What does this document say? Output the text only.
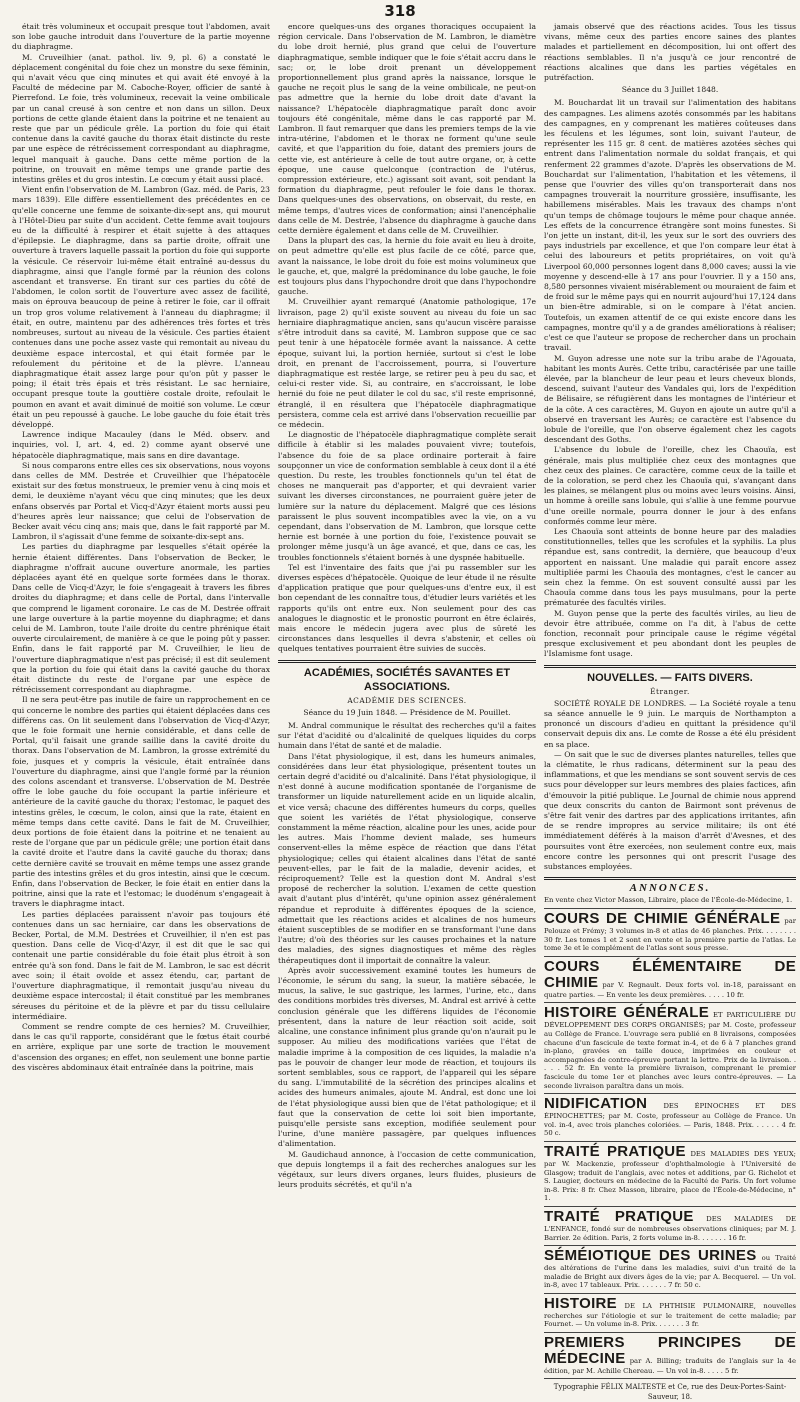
318

était très volumineux et occupait presque tout l'abdomen, avait son lobe gauche introduit dans l'ouverture de la partie moyenne du diaphragme.

M. Cruveilhier (anat. pathol. liv. 9, pl. 6) a constaté le déplacement congénital du foie chez un monstre du sexe féminin, qui n'avait vécu que cinq minutes et qui avait été envoyé à la Faculté de médecine par M. Caboche-Royer, officier de santé à Pierrefond. Le foie, très volumineux, recevait la veine ombilicale par un canal creusé à son centre et non dans un sillon. Deux portions de cette glande étaient dans la poitrine et ne tenaient au reste que par un pédicule grêle. La portion du foie qui était contenue dans la cavité gauche du thorax était distincte du reste par une espèce de rétrécissement correspondant au diaphragme, lequel manquait à gauche. Dans cette même portion de la poitrine, on trouvait en même temps une grande partie des intestins grêles et du gros intestin. Le cœcum y était aussi placé.

Vient enfin l'observation de M. Lambron (Gaz. méd. de Paris, 23 mars 1839). Elle diffère essentiellement des précédentes en ce qu'elle concerne une femme de soixante-dix-sept ans, qui mourut à l'Hôtel-Dieu par suite d'un accident. Cette femme avait toujours eu de la difficulté à respirer et était sujette à des attaques d'épilepsie. Le diaphragme, dans sa partie droite, offrait une ouverture à travers laquelle passait la portion du foie qui supporte la vésicule. Ce réservoir lui-même était entraîné au-dessus du diaphragme, ainsi que l'angle formé par la réunion des colons ascendant et transverse. En tirant sur ces parties du côté de l'abdomen, le colon sortit de l'ouverture avec assez de facilité, mais on éprouva beaucoup de peine à retirer le foie, car il offrait un trop gros volume relativement à l'anneau du diaphragme; il était, en outre, maintenu par des adhérences très fortes et très nombreuses, surtout au niveau de la vésicule. Ces parties étaient contenues dans une poche assez vaste qui remontait au niveau du deuxième espace intercostal, et qui était formée par le refoulement du péritoine et de la plèvre. L'anneau diaphragmatique était assez large pour qu'on pût y passer le poing; il était très épais et très résistant. Le sac herniaire, occupant presque toute la gouttière costale droite, refoulait le poumon en avant et avait diminué de moitié son volume. Le cœur était un peu repoussé à gauche. Le lobe gauche du foie était très développé.

Lawrence indique Macauley (dans le Méd. observ. and inquiries, vol. I, art. 4, ed. 2) comme ayant observé une hépatocèle diaphragmatique, mais sans en dire davantage.

Si nous comparons entre elles ces six observations, nous voyons dans celles de MM. Destrée et Cruveilhier que l'hépatocèle existait sur des fœtus monstrueux, le premier venu à cinq mois et demi, le deuxième n'ayant vécu que cinq minutes; que les deux enfans observés par Portal et Vicq-d'Azyr étaient morts aussi peu d'heures après leur naissance; que celui de l'observation de Becker avait vécu cinq ans; mais que, dans le fait rapporté par M. Lambron, il s'agissait d'une femme de soixante-dix-sept ans.

Les parties du diaphragme par lesquelles s'était opérée la hernie étaient différentes. Dans l'observation de Becker, le diaphragme n'offrait aucune ouverture anormale, les parties déplacées ayant été en quelque sorte formées dans le thorax. Dans celle de Vicq-d'Azyr, le foie s'engageait à travers les fibres droites du diaphragme; et dans celle de Portal, dans l'intervalle que comprend le ligament coronaire. Le cas de M. Destrée offrait une large ouverture à la partie moyenne du diaphragme; et dans celui de M. Lambron, toute l'aile droite du centre phrénique était ouverte circulairement, de manière à ce que le poing pût y passer. Enfin, dans le fait rapporté par M. Cruveilhier, le lieu de l'ouverture diaphragmatique n'est pas précisé; il est dit seulement que la portion du foie qui était dans la cavité gauche du thorax était distincte du reste de l'organe par une espèce de rétrécissement correspondant au diaphragme.

Il ne sera peut-être pas inutile de faire un rapprochement en ce qui concerne le nombre des parties qui étaient déplacées dans ces différens cas. On lit seulement dans l'observation de Vicq-d'Azyr, que le foie formait une hernie considérable, et dans celle de Portal, qu'il faisait une grande saillie dans la cavité droite du thorax. Dans l'observation de M. Lambron, la grosse extrémité du foie, jusques et y compris la vésicule, était entraînée dans l'ouverture du diaphragme, ainsi que l'angle formé par la réunion des colons ascendant et transverse. L'observation de M. Destrée offre le lobe gauche du foie occupant la partie inférieure et antérieure de la cavité gauche du thorax; l'estomac, le paquet des intestins grêles, le cœcum, le colon, ainsi que la rate, étaient en même temps dans cette cavité. Dans le fait de M. Cruveilhier, deux portions de foie étaient dans la poitrine et ne tenaient au reste de l'organe que par un pédicule grêle; une portion était dans la cavité droite et l'autre dans la cavité gauche du thorax; dans cette dernière cavité se trouvait en même temps une assez grande partie des intestins grêles et du gros intestin, ainsi que le cœcum. Enfin, dans l'observation de Becker, le foie était en entier dans la poitrine, ainsi que la rate et l'estomac; le duodénum s'engageait à travers le diaphragme intact.

Les parties déplacées paraissent n'avoir pas toujours été contenues dans un sac herniaire, car dans les observations de Becker, Portal, de M.M. Destrées et Cruveilhier, il n'en est pas question. Dans celle de Vicq-d'Azyr, il est dit que le sac qui contenait une partie considérable du foie était plus étroit à son entrée qu'à son fond. Dans le fait de M. Lambron, le sac est décrit avec soin; il était ovoïde et assez étendu, car, partant de l'ouverture diaphragmatique, il remontait jusqu'au niveau du deuxième espace intercostal; il était constitué par les membranes séreuses du péritoine et de la plèvre et par du tissu cellulaire intermédiaire.

Comment se rendre compte de ces hernies? M. Cruveilhier, dans le cas qu'il rapporte, considérant que le fœtus était courbé en arrière, explique par une sorte de traction le mouvement d'ascension des organes; en effet, non seulement une bonne partie des viscères abdominaux était entraînée dans la poitrine, mais

encore quelques-uns des organes thoraciques occupaient la région cervicale. Dans l'observation de M. Lambron, le diamètre du lobe droit hernié, plus grand que celui de l'ouverture diaphragmatique, semble indiquer que le foie s'était accru dans le sac; or, le lobe droit prenant un développement proportionnellement plus grand après la naissance, lorsque le gauche ne reçoit plus le sang de la veine ombilicale, ne peut-on pas admettre que la hernie du lobe droit date d'avant la naissance? L'hépatocèle diaphragmatique paraît donc avoir toujours été congénitale, même dans le cas rapporté par M. Lambron. Il faut remarquer que dans les premiers temps de la vie intra-utérine, l'abdomen et le thorax ne forment qu'une seule cavité, et que l'apparition du foie, datant des premiers jours de cette vie, est antérieure à celle de tout autre organe, or, à cette époque, une cause quelconque (contraction de l'utérus, compression extérieure, etc.) agissant soit avant, soit pendant la formation du diaphragme, peut refouler le foie dans le thorax. Dans quelques-unes des observations, on observait, du reste, en même temps, d'autres vices de conformation; ainsi l'anencéphalie dans celle de M. Destrée, l'absence du diaphragme à gauche dans cette dernière également et dans celle de M. Cruveilhier.

Dans la plupart des cas, la hernie du foie avait eu lieu à droite, on peut admettre qu'elle est plus facile de ce côté, parce que, avant la naissance, le lobe droit du foie est moins volumineux que le gauche, et, que, malgré la prédominance du lobe gauche, le foie est toujours plus dans l'hypochondre droit que dans l'hypochondre gauche.

M. Cruveilhier ayant remarqué (Anatomie pathologique, 17e livraison, page 2) qu'il existe souvent au niveau du foie un sac herniaire diaphragmatique ancien, sans qu'aucun viscère paraisse s'être introduit dans sa cavité, M. Lambron suppose que ce sac peut tenir à une hépatocèle formée avant la naissance. A cette époque, suivant lui, la portion herniée, surtout si c'est le lobe droit, en prenant de l'accroissement, pourra, si l'ouverture diaphragmatique est restée large, se retirer peu à peu du sac, et celui-ci rester vide. Si, au contraire, en s'accroissant, le lobe hernié du foie ne peut dilater le col du sac, s'il reste emprisonné, étranglé, il en résultera que l'hépatocèle diaphragmatique persistera, comme cela est arrivé dans l'observation recueillie par ce médecin.

Le diagnostic de l'hépatocèle diaphragmatique complète serait difficile à établir si les malades pouvaient vivre; toutefois, l'absence du foie de sa place ordinaire porterait à faire soupçonner un vice de conformation semblable à ceux dont il a été question. Du reste, les troubles fonctionnels qu'un tel état de choses ne manquerait pas d'apporter, et qui devraient varier suivant les diverses circonstances, ne pourraient guère jeter de lumière sur la nature du déplacement. Malgré que ces lésions paraissent le plus souvent incompatibles avec la vie, on a vu cependant, dans l'observation de M. Lambron, que lorsque cette hernie est bornée à une portion du foie, l'existence pouvait se prolonger même jusqu'à un âge avancé, et que, dans ce cas, les troubles fonctionnels s'étaient bornés à une dyspnée habituelle.

Tel est l'inventaire des faits que j'ai pu rassembler sur les diverses espèces d'hépatocèle. Quoique de leur étude il ne résulte d'application pratique que pour quelques-uns d'entre eux, il est bon cependant de les connaître tous, d'étudier leurs variétés et les rapports qu'ils ont entre eux. Non seulement pour des cas analogues le diagnostic et le pronostic pourront en être éclairés, mais encore le médecin jugera avec plus de sûreté les circonstances dans lesquelles il devra s'abstenir, et celles où quelques tentatives pourraient être suivies de succès.

ACADÉMIES, SOCIÉTÉS SAVANTES ET ASSOCIATIONS.
ACADÉMIE DES SCIENCES.
Séance du 19 Juin 1848. — Présidence de M. Pouillet.

M. Andral communique le résultat des recherches qu'il a faites sur l'état d'acidité ou d'alcalinité de quelques liquides du corps humain dans l'état de santé et de maladie.

Dans l'état physiologique, il est, dans les humeurs animales, considérées dans leur état physiologique, présentent toutes un certain degré d'acidité ou d'alcalinité. Dans l'état physiologique, il n'est donné à aucune modification spontanée de l'organisme de transformer un liquide naturellement acide en un liquide alcalin, et vice versâ; chacune des différentes humeurs du corps, quelles que soient les variétés de l'état physiologique, conserve constamment la même réaction, alcaline pour les unes, acide pour les autres. Mais l'homme devient malade, ses humeurs conservent-elles la même espèce de réaction que dans l'état physiologique; celles qui étaient alcalines dans l'état de santé peuvent-elles, par le fait de la maladie, devenir acides, et réciproquement? Telle est la question dont M. Andral s'est proposé de rechercher la solution. L'examen de cette question avait d'autant plus d'intérêt, qu'une opinion assez généralement répandue et reproduite à différentes époques de la science, admettait que les réactions acides et alcalines de nos humeurs étaient susceptibles de se modifier en se transformant l'une dans l'autre; d'où des théories sur les causes prochaines et la nature des maladies, des signes diagnostiques et même des règles thérapeutiques dont il importait de connaître la valeur.

Après avoir successivement examiné toutes les humeurs de l'économie, le sérum du sang, la sueur, la matière sébacée, le mucus, la salive, le suc gastrique, les larmes, l'urine, etc., dans des conditions morbides très diverses, M. Andral est arrivé à cette conclusion générale que les différens liquides de l'économie présentent, dans la nature de leur réaction soit acide, soit alcaline, une constance infiniment plus grande qu'on n'aurait pu le supposer. Au milieu des modifications variées que l'état de maladie imprime à la composition de ces liquides, la maladie n'a pas le pouvoir de changer leur mode de réaction, et toujours ils sortent semblables, sous ce rapport, de l'appareil qui les sépare du sang. L'immutabilité de la sécrétion des principes alcalins et acides des humeurs animales, ajoute M. Andral, est donc une loi de l'état physiologique aussi bien que de l'état pathologique; et il faut que la conservation de cette loi soit bien importante, puisqu'elle persiste sans exception, modifiée seulement pour l'urine, d'une manière passagère, par quelques influences d'alimentation.

M. Gaudichaud annonce, à l'occasion de cette communication, que depuis longtemps il a fait des recherches analogues sur les végétaux, sur leurs divers organes, leurs fluides, plusieurs de leurs produits sécrétés, et qu'il n'a

jamais observé que des réactions acides. Tous les tissus vivans, même ceux des parties encore saines des plantes malades et partiellement en décomposition, lui ont offert des réactions semblables. Il n'a jusqu'à ce jour rencontré de réactions alcalines que dans les parties végétales en putréfaction.

Séance du 3 Juillet 1848.

M. Bouchardat lit un travail sur l'alimentation des habitans des campagnes. Les alimens azotés consommés par les habitans des campagnes, en y comprenant les matières coûteuses dans les féculens et les légumes, sont loin, suivant l'auteur, de représenter les 115 gr. 8 cent. de matières azotées sèches qui entrent dans l'alimentation normale du soldat français, et qui renferment 22 grammes d'azote. D'après les observations de M. Bouchardat sur l'alimentation, l'habitation et les vêtemens, il pense que l'ouvrier des villes qu'on transporterait dans nos campagnes trouverait la nourriture grossière, insuffisante, les habillemens misérables. Mais les travaux des champs n'ont qu'un temps de chômage toujours le même pour chaque année. Les effets de la concurrence étrangère sont moins funestes. Si l'on jette un instant, dit-il, les yeux sur le sort des ouvriers des pays industriels par excellence, et que l'on compare leur état à celui des laboureurs et petits propriétaires, on voit qu'à Liverpool 60,000 personnes logent dans 8,000 caves; aussi la vie moyenne y descend-elle à 17 ans pour l'ouvrier. Il y a 150 ans, 8,580 personnes vivaient misérablement ou mouraient de faim et de froid sur le même pays qui en nourrit aujourd'hui 17,124 dans un bien-être admirable, si on le compare à l'état ancien. Toutefois, un examen attentif de ce qui existe encore dans les campagnes, montre qu'il y a de grandes améliorations à réaliser; c'est ce que l'auteur se propose de rechercher dans un prochain travail.

M. Guyon adresse une note sur la tribu arabe de l'Agouata, habitant les monts Aurès. Cette tribu, caractérisée par une taille élevée, par la blancheur de leur peau et leurs cheveux blonds, descend, suivant l'auteur des Vandales qui, lors de l'expédition de Bélisaire, se réfugièrent dans les montagnes de l'intérieur et de la côte. A ces caractères, M. Guyon en ajoute un autre qu'il a observé en traversant les Aurès; ce caractère est l'absence du lobule de l'oreille, que l'on observe également chez les cagots descendant des Goths.

L'absence du lobule de l'oreille, chez les Chaouïa, est générale, mais plus multipliée chez ceux des montagnes que chez ceux des plaines. Ce caractère, comme ceux de la taille et de la coloration, se perd chez les Chaouïa qui, s'avançant dans les plaines, se mélangent plus ou moins avec leurs voisins. Ainsi, un homme à oreille sans lobule, qui s'allie à une femme pourvue d'une oreille normale, pourra donner le jour à des enfans conformés comme leur mère.

Les Chaouïa sont atteints de bonne heure par des maladies constitutionnelles, telles que les scrofules et la syphilis. La plus répandue est, sans contredit, la dernière, que beaucoup d'eux apportent en naissant. Une maladie qui paraît encore assez multipliée parmi les Chaouïa des montagnes, c'est le cancer au sein chez la femme. On est souvent consulté aussi par les Chaouïa comme dans tous les pays musulmans, pour la perte prématurée des facultés viriles.

M. Guyon pense que la perte des facultés viriles, au lieu de devoir être attribuée, comme on l'a dit, à l'abus de cette fonction, reconnaît pour principale cause le régime végétal presque exclusivement et peu abondant dont les peuples de l'Islamisme font usage.

NOUVELLES. — FAITS DIVERS.
Étranger.

SOCIÉTÉ ROYALE DE LONDRES. — La Société royale a tenu sa séance annuelle le 9 juin. Le marquis de Northampton a prononcé un discours d'adieu en quittant la présidence qu'il conservait depuis dix ans. Le comte de Rosse a été élu président en sa place.

— On sait que le suc de diverses plantes naturelles, telles que la clématite, le rhus radicans, déterminent sur la peau des inflammations, et que les mendians se sont souvent servis de ces sucs pour développer sur leurs membres des plaies factices, afin d'émouvoir la pitié publique. Le Journal de chimie nous apprend que deux conscrits du canton de Bairmont sont prévenus de s'être fait venir des dartres par des applications irritantes, afin de se rendre impropres au service militaire; ils ont été immédiatement déférés à la maison d'arrêt d'Avesnes, et des poursuites vont être exercées, non seulement contre eux, mais encore contre les personnes qui ont prescrit l'usage des substances employées.

ANNONCES.
En vente chez Victor Masson, Libraire, place de l'École-de-Médecine, 1.
COURS DE CHIMIE GÉNÉRALE par Pelouze et Frémy; 3 volumes in-8 et atlas de 46 planches. Prix. . . . . . . . 30 fr. Les tomes 1 et 2 sont en vente et la première partie de l'atlas. Le tome 3e et le complément de l'atlas sont sous presse.
COURS ÉLÉMENTAIRE DE CHIMIE par V. Regnault. Deux forts vol. in-18, paraissant en quatre parties. — En vente les deux premières. . . . . 10 fr.
HISTOIRE GÉNÉRALE ET PARTICULIÈRE DU DÉVELOPPEMENT DES CORPS ORGANISÉS; par M. Coste, professeur au Collège de France. L'ouvrage sera publié en 8 livraisons, composées chacune d'un fascicule de texte format in-4, et de 6 à 7 planches grand in-plano, gravées en taille douce, imprimées en couleur et accompagnées de contre-épreuve portant la lettre. Prix de la livraison. . . . . 52 fr. En vente la première livraison, comprenant le premier fascicule du tome 1er et planches avec leurs contre-épreuves. — La seconde livraison paraîtra dans un mois.
NIDIFICATION DES ÉPINOCHES ET DES ÉPINOCHETTES; par M. Coste, professeur au Collège de France. Un vol. in-4, avec trois planches coloriées. — Paris, 1848. Prix. . . . . . 4 fr. 50 c.
TRAITÉ PRATIQUE DES MALADIES DES YEUX; par W. Mackenzie, professeur d'ophthalmologie à l'Université de Glasgow; traduit de l'anglais, avec notes et additions, par G. Richelot et S. Laugier, docteurs en médecine de la Faculté de Paris. Un fort volume in-8. Prix: 8 fr. Chez Masson, libraire, place de l'École-de-Médecine, n° 1.
TRAITÉ PRATIQUE DES MALADIES DE L'ENFANCE, fondé sur de nombreuses observations cliniques; par M. J. Barrier. 2e édition. Paris, 2 forts volume in-8. . . . . . . 16 fr.
SÉMÉIOTIQUE DES URINES ou Traité des altérations de l'urine dans les maladies, suivi d'un traité de la maladie de Bright aux divers âges de la vie; par A. Becquerel. — Un vol. in-8, avec 17 tableaux. Prix. . . . . . . 7 fr. 50 c.
HISTOIRE DE LA PHTHISIE PULMONAIRE, nouvelles recherches sur l'étiologie et sur le traitement de cette maladie; par Fournet. — Un volume in-8. Prix. . . . . . . 3 fr.
PREMIERS PRINCIPES DE MÉDECINE par A. Billing; traduits de l'anglais sur la 4e édition, par M. Achille Chereau. — Un vol in-8. . . . . 5 fr.
Typographie FÉLIX MALTESTE et Ce, rue des Deux-Portes-Saint-Sauveur, 18.
